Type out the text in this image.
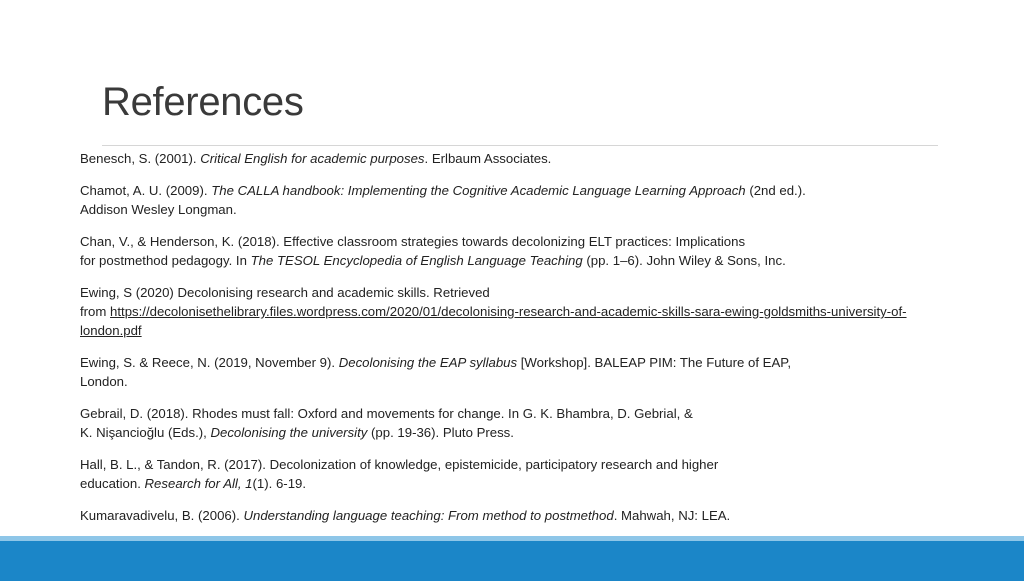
References

Benesch, S. (2001). Critical English for academic purposes. Erlbaum Associates.

Chamot, A. U. (2009). The CALLA handbook: Implementing the Cognitive Academic Language Learning Approach (2nd ed.).
Addison Wesley Longman.

Chan, V., & Henderson, K. (2018). Effective classroom strategies towards decolonizing ELT practices: Implications
for postmethod pedagogy. In The TESOL Encyclopedia of English Language Teaching (pp. 1–6). John Wiley & Sons, Inc.

Ewing, S (2020) Decolonising research and academic skills. Retrieved
from https://decolonisethelibrary.files.wordpress.com/2020/01/decolonising-research-and-academic-skills-sara-ewing-goldsmiths-university-of-london.pdf

Ewing, S. & Reece, N. (2019, November 9). Decolonising the EAP syllabus [Workshop]. BALEAP PIM: The Future of EAP,
London.

Gebrail, D. (2018). Rhodes must fall: Oxford and movements for change. In G. K. Bhambra, D. Gebrial, &
K. Nişancioğlu (Eds.), Decolonising the university (pp. 19-36). Pluto Press.

Hall, B. L., & Tandon, R. (2017). Decolonization of knowledge, epistemicide, participatory research and higher
education. Research for All, 1(1). 6-19.

Kumaravadivelu, B. (2006). Understanding language teaching: From method to postmethod. Mahwah, NJ: LEA.
